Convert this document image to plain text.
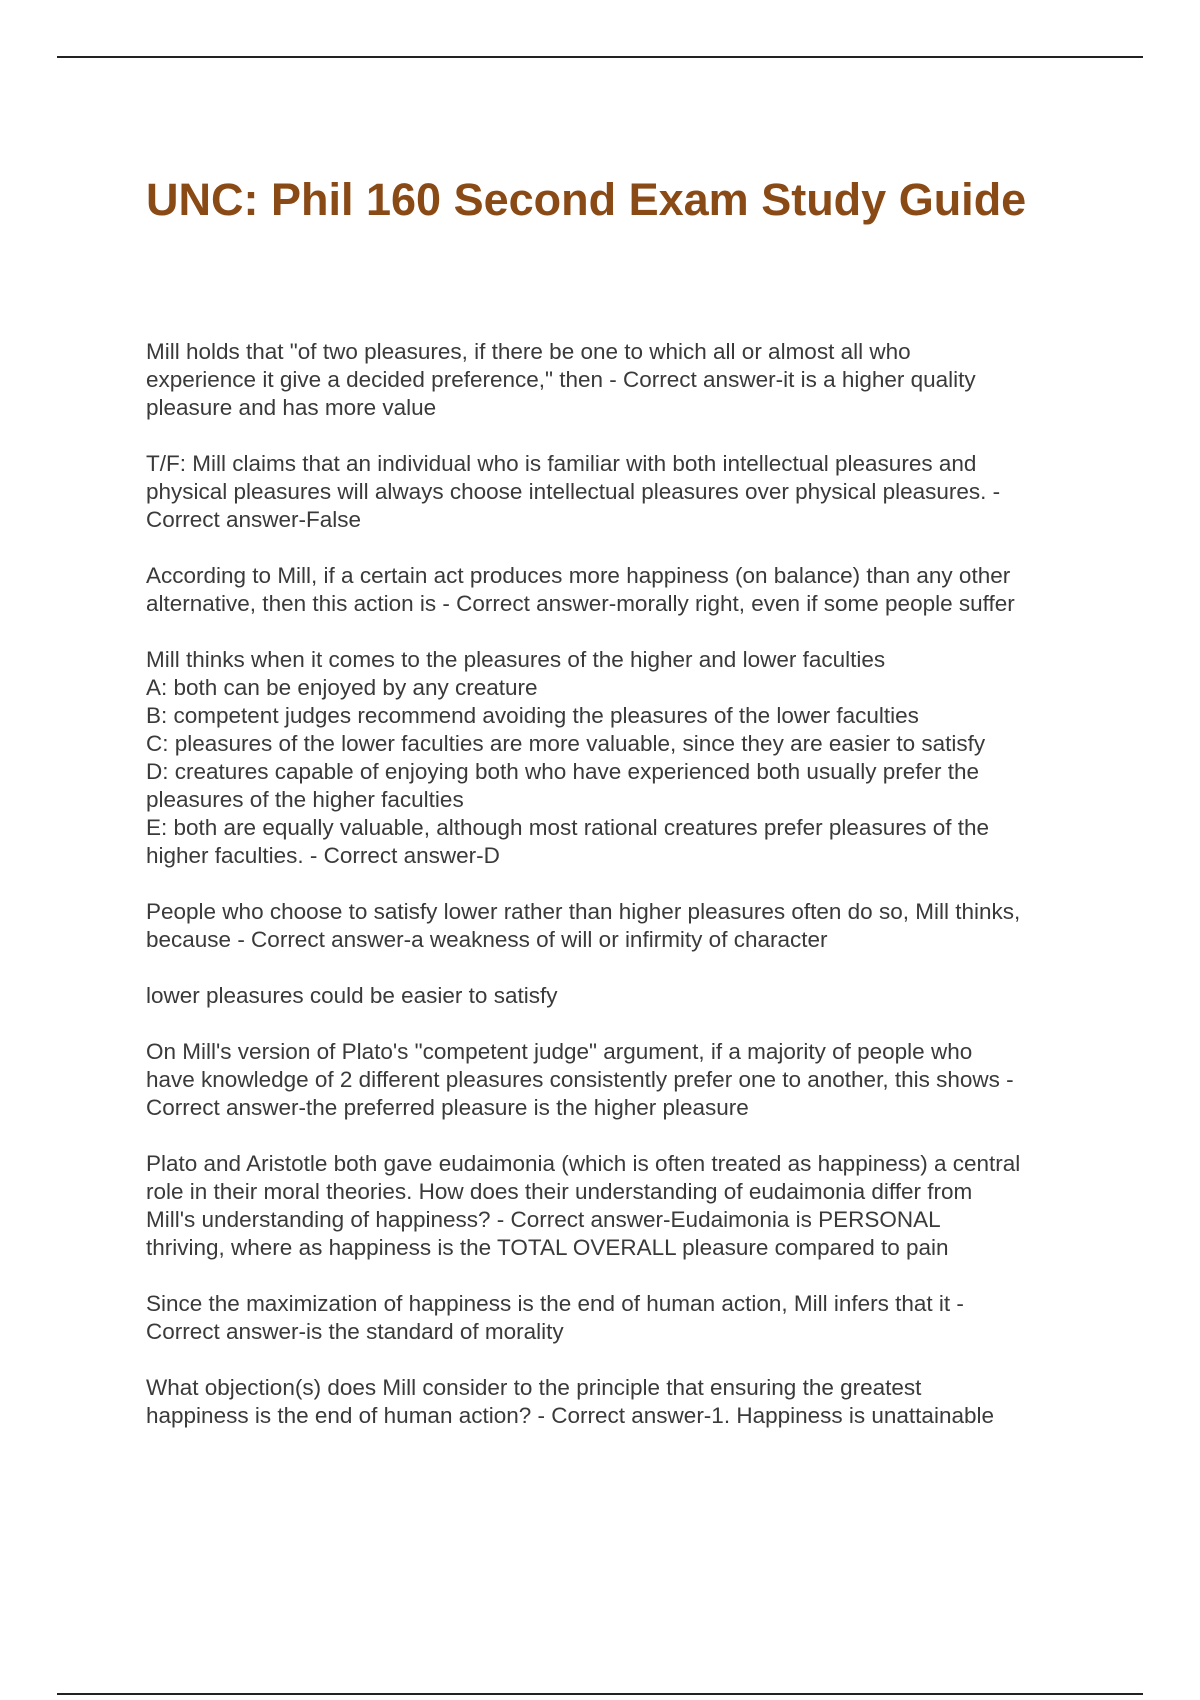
UNC: Phil 160 Second Exam Study Guide

Mill holds that "of two pleasures, if there be one to which all or almost all who
experience it give a decided preference," then - Correct answer-it is a higher quality
pleasure and has more value

T/F: Mill claims that an individual who is familiar with both intellectual pleasures and
physical pleasures will always choose intellectual pleasures over physical pleasures. -
Correct answer-False

According to Mill, if a certain act produces more happiness (on balance) than any other
alternative, then this action is - Correct answer-morally right, even if some people suffer

Mill thinks when it comes to the pleasures of the higher and lower faculties
A: both can be enjoyed by any creature
B: competent judges recommend avoiding the pleasures of the lower faculties
C: pleasures of the lower faculties are more valuable, since they are easier to satisfy
D: creatures capable of enjoying both who have experienced both usually prefer the
pleasures of the higher faculties
E: both are equally valuable, although most rational creatures prefer pleasures of the
higher faculties. - Correct answer-D

People who choose to satisfy lower rather than higher pleasures often do so, Mill thinks,
because - Correct answer-a weakness of will or infirmity of character

lower pleasures could be easier to satisfy

On Mill's version of Plato's "competent judge" argument, if a majority of people who
have knowledge of 2 different pleasures consistently prefer one to another, this shows -
Correct answer-the preferred pleasure is the higher pleasure

Plato and Aristotle both gave eudaimonia (which is often treated as happiness) a central
role in their moral theories. How does their understanding of eudaimonia differ from
Mill's understanding of happiness? - Correct answer-Eudaimonia is PERSONAL
thriving, where as happiness is the TOTAL OVERALL pleasure compared to pain

Since the maximization of happiness is the end of human action, Mill infers that it -
Correct answer-is the standard of morality

What objection(s) does Mill consider to the principle that ensuring the greatest
happiness is the end of human action? - Correct answer-1. Happiness is unattainable
